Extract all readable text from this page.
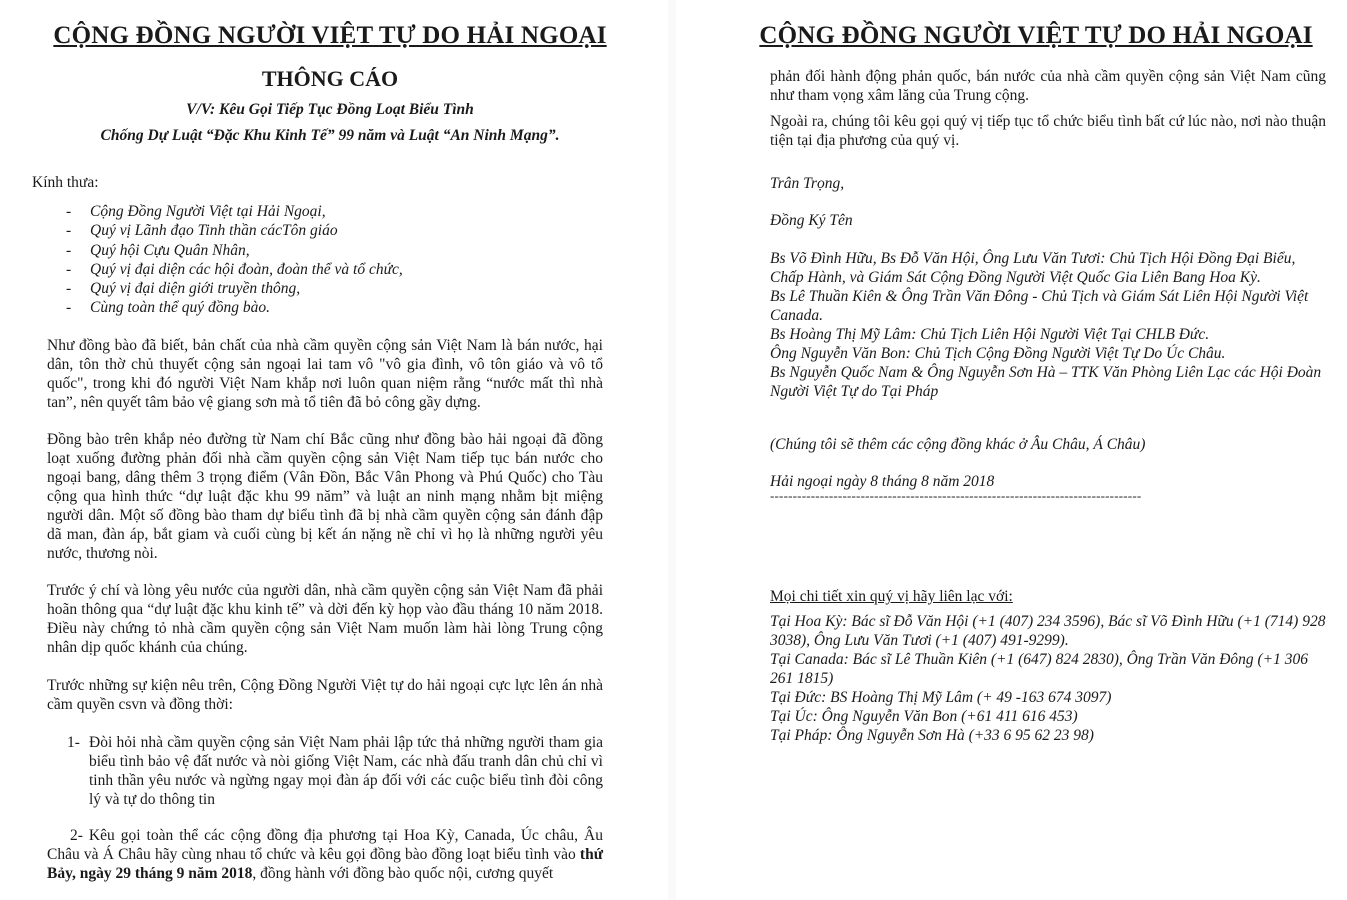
CỘNG ĐỒNG NGƯỜI VIỆT TỰ DO HẢI NGOẠI	CỘNG ĐỒNG NGƯỜI VIỆT TỰ DO HẢI NGOẠI
THÔNG CÁO
V/V: Kêu Gọi Tiếp Tục Đồng Loạt Biểu Tình
Chống Dự Luật “Đặc Khu Kinh Tế” 99 năm và Luật “An Ninh Mạng”.
Kính thưa:
- Cộng Đồng Người Việt tại Hải Ngoại,
- Quý vị Lãnh đạo Tinh thần cácTôn giáo
- Quý hội Cựu Quân Nhân,
- Quý vị đại diện các hội đoàn, đoàn thể và tổ chức,
- Quý vị đại diện giới truyền thông,
- Cùng toàn thể quý đồng bào.
Như đồng bào đã biết, bản chất của nhà cầm quyền cộng sản Việt Nam là bán nước, hại dân, tôn thờ chủ thuyết cộng sản ngoại lai tam vô "vô gia đình, vô tôn giáo và vô tổ quốc", trong khi đó người Việt Nam khắp nơi luôn quan niệm rằng “nước mất thì nhà tan”, nên quyết tâm bảo vệ giang sơn mà tổ tiên đã bỏ công gầy dựng.
Đồng bào trên khắp nẻo đường từ Nam chí Bắc cũng như đồng bào hải ngoại đã đồng loạt xuống đường phản đối nhà cầm quyền cộng sản Việt Nam tiếp tục bán nước cho ngoại bang, dâng thêm 3 trọng điểm (Vân Đồn, Bắc Vân Phong và Phú Quốc) cho Tàu cộng qua hình thức “dự luật đặc khu 99 năm” và luật an ninh mạng nhằm bịt miệng người dân. Một số đồng bào tham dự biểu tình đã bị nhà cầm quyền cộng sản đánh đập dã man, đàn áp, bắt giam và cuối cùng bị kết án nặng nề chỉ vì họ là những người yêu nước, thương nòi.
Trước ý chí và lòng yêu nước của người dân, nhà cầm quyền cộng sản Việt Nam đã phải hoãn thông qua “dự luật đặc khu kinh tế” và dời đến kỳ họp vào đầu tháng 10 năm 2018. Điều này chứng tỏ nhà cầm quyền cộng sản Việt Nam muốn làm hài lòng Trung cộng nhân dịp quốc khánh của chúng.
Trước những sự kiện nêu trên, Cộng Đồng Người Việt tự do hải ngoại cực lực lên án nhà cầm quyền csvn và đồng thời:
1- Đòi hỏi nhà cầm quyền cộng sản Việt Nam phải lập tức thả những người tham gia biểu tình bảo vệ đất nước và nòi giống Việt Nam, các nhà đấu tranh dân chủ chỉ vì tinh thần yêu nước và ngừng ngay mọi đàn áp đối với các cuộc biểu tình đòi công lý và tự do thông tin
2- Kêu gọi toàn thể các cộng đồng địa phương tại Hoa Kỳ, Canada, Úc châu, Âu Châu và Á Châu hãy cùng nhau tổ chức và kêu gọi đồng bào đồng loạt biểu tình vào thứ Bảy, ngày 29 tháng 9 năm 2018, đồng hành với đồng bào quốc nội, cương quyết
phản đối hành động phản quốc, bán nước của nhà cầm quyền cộng sản Việt Nam cũng như tham vọng xâm lăng của Trung cộng.
Ngoài ra, chúng tôi kêu gọi quý vị tiếp tục tổ chức biểu tình bất cứ lúc nào, nơi nào thuận tiện tại địa phương của quý vị.
Trân Trọng,
Đồng Ký Tên
Bs Võ Đình Hữu, Bs Đỗ Văn Hội, Ông Lưu Văn Tươi: Chủ Tịch Hội Đồng Đại Biểu, Chấp Hành, và Giám Sát Cộng Đồng Người Việt Quốc Gia Liên Bang Hoa Kỳ.
Bs Lê Thuần Kiên & Ông Trần Văn Đông - Chủ Tịch và Giám Sát Liên Hội Người Việt Canada.
Bs Hoàng Thị Mỹ Lâm: Chủ Tịch Liên Hội Người Việt Tại CHLB Đức.
Ông Nguyễn Văn Bon: Chủ Tịch Cộng Đồng Người Việt Tự Do Úc Châu.
Bs Nguyễn Quốc Nam & Ông Nguyễn Sơn Hà – TTK Văn Phòng Liên Lạc các Hội Đoàn Người Việt Tự do Tại Pháp
(Chúng tôi sẽ thêm các cộng đồng khác ở Âu Châu, Á Châu)
Hải ngoại ngày 8 tháng 8 năm 2018
----------------------------------------------------------------------------------
Mọi chi tiết xin quý vị hãy liên lạc với:
Tại Hoa Kỳ: Bác sĩ Đỗ Văn Hội (+1 (407) 234 3596), Bác sĩ Võ Đình Hữu (+1 (714) 928 3038), Ông Lưu Văn Tươi (+1 (407) 491-9299).
Tại Canada: Bác sĩ Lê Thuần Kiên (+1 (647) 824 2830), Ông Trần Văn Đông (+1 306 261 1815)
Tại Đức: BS Hoàng Thị Mỹ Lâm (+ 49 -163 674 3097)
Tại Úc: Ông Nguyễn Văn Bon (+61 411 616 453)
Tại Pháp: Ông Nguyễn Sơn Hà (+33 6 95 62 23 98)
